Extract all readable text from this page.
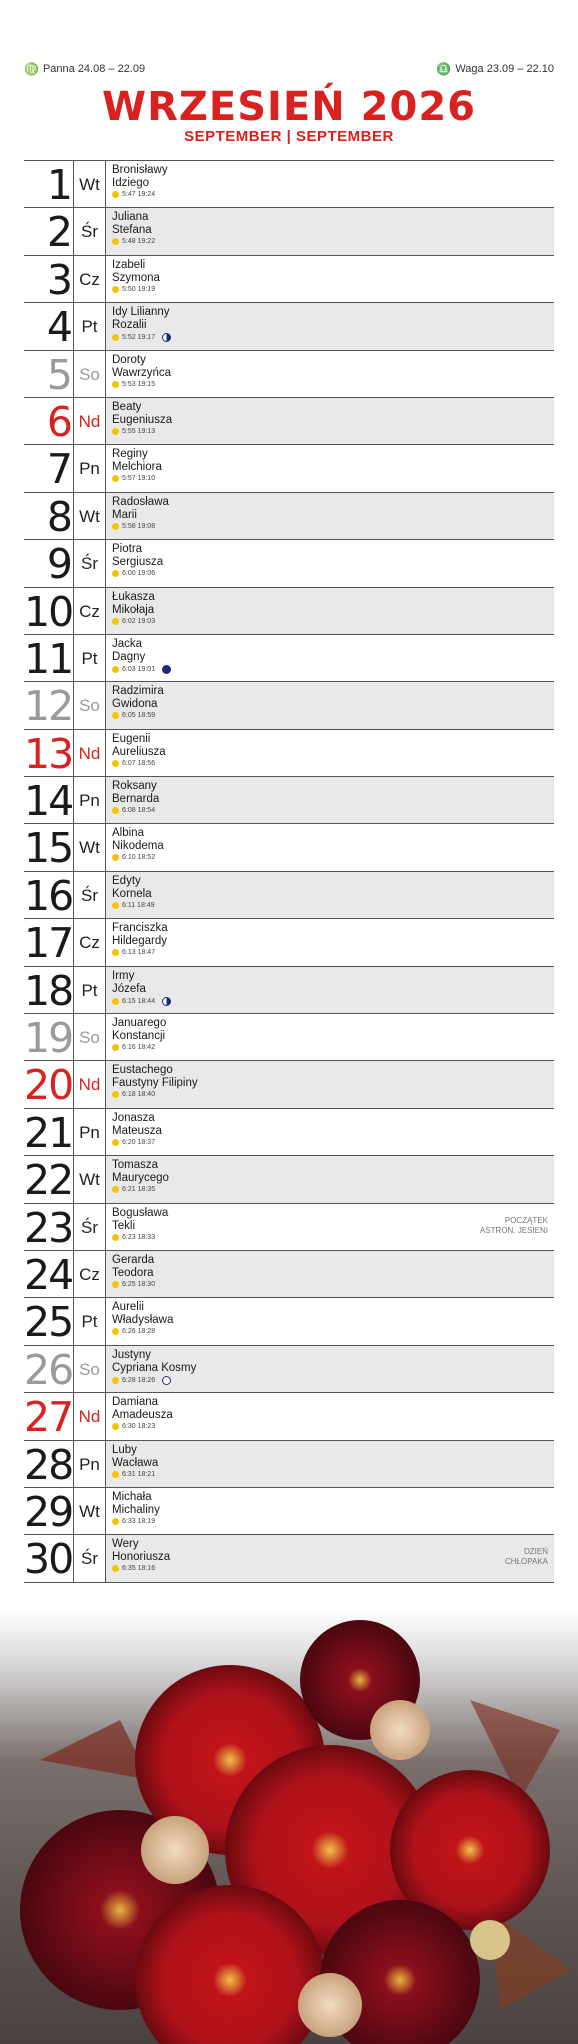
♍ Panna 24.08 – 22.09	♎ Waga 23.09 – 22.10
WRZESIEŃ 2026
SEPTEMBER | SEPTEMBER
1 Wt
Bronisławy
Idziego
5:47 19:24
2 Śr
Juliana
Stefana
5:48 19:22
3 Cz
Izabeli
Szymona
5:50 19:19
4 Pt
Idy Lilianny
Rozalii
5:52 19:17
5 So
Doroty
Wawrzyńca
5:53 19:15
6 Nd
Beaty
Eugeniusza
5:55 19:13
7 Pn
Reginy
Melchiora
5:57 19:10
8 Wt
Radosława
Marii
5:58 19:08
9 Śr
Piotra
Sergiusza
6:00 19:06
10 Cz
Łukasza
Mikołaja
6:02 19:03
11 Pt
Jacka
Dagny
6:03 19:01
12 So
Radzimira
Gwidona
6:05 18:59
13 Nd
Eugenii
Aureliusza
6:07 18:56
14 Pn
Roksany
Bernarda
6:08 18:54
15 Wt
Albina
Nikodema
6:10 18:52
16 Śr
Edyty
Kornela
6:11 18:49
17 Cz
Franciszka
Hildegardy
6:13 18:47
18 Pt
Irmy
Józefa
6:15 18:44
19 So
Januarego
Konstancji
6:16 18:42
20 Nd
Eustachego
Faustyny Filipiny
6:18 18:40
21 Pn
Jonasza
Mateusza
6:20 18:37
22 Wt
Tomasza
Maurycego
6:21 18:35
23 Śr
Bogusława
Tekli
6:23 18:33
POCZĄTEK
ASTRON. JESIENI
24 Cz
Gerarda
Teodora
6:25 18:30
25 Pt
Aurelii
Władysława
6:26 18:28
26 So
Justyny
Cypriana Kosmy
6:28 18:26
27 Nd
Damiana
Amadeusza
6:30 18:23
28 Pn
Luby
Wacława
6:31 18:21
29 Wt
Michała
Michaliny
6:33 18:19
30 Śr
Wery
Honoriusza
6:35 18:16
DZIEŃ
CHŁOPAKA
